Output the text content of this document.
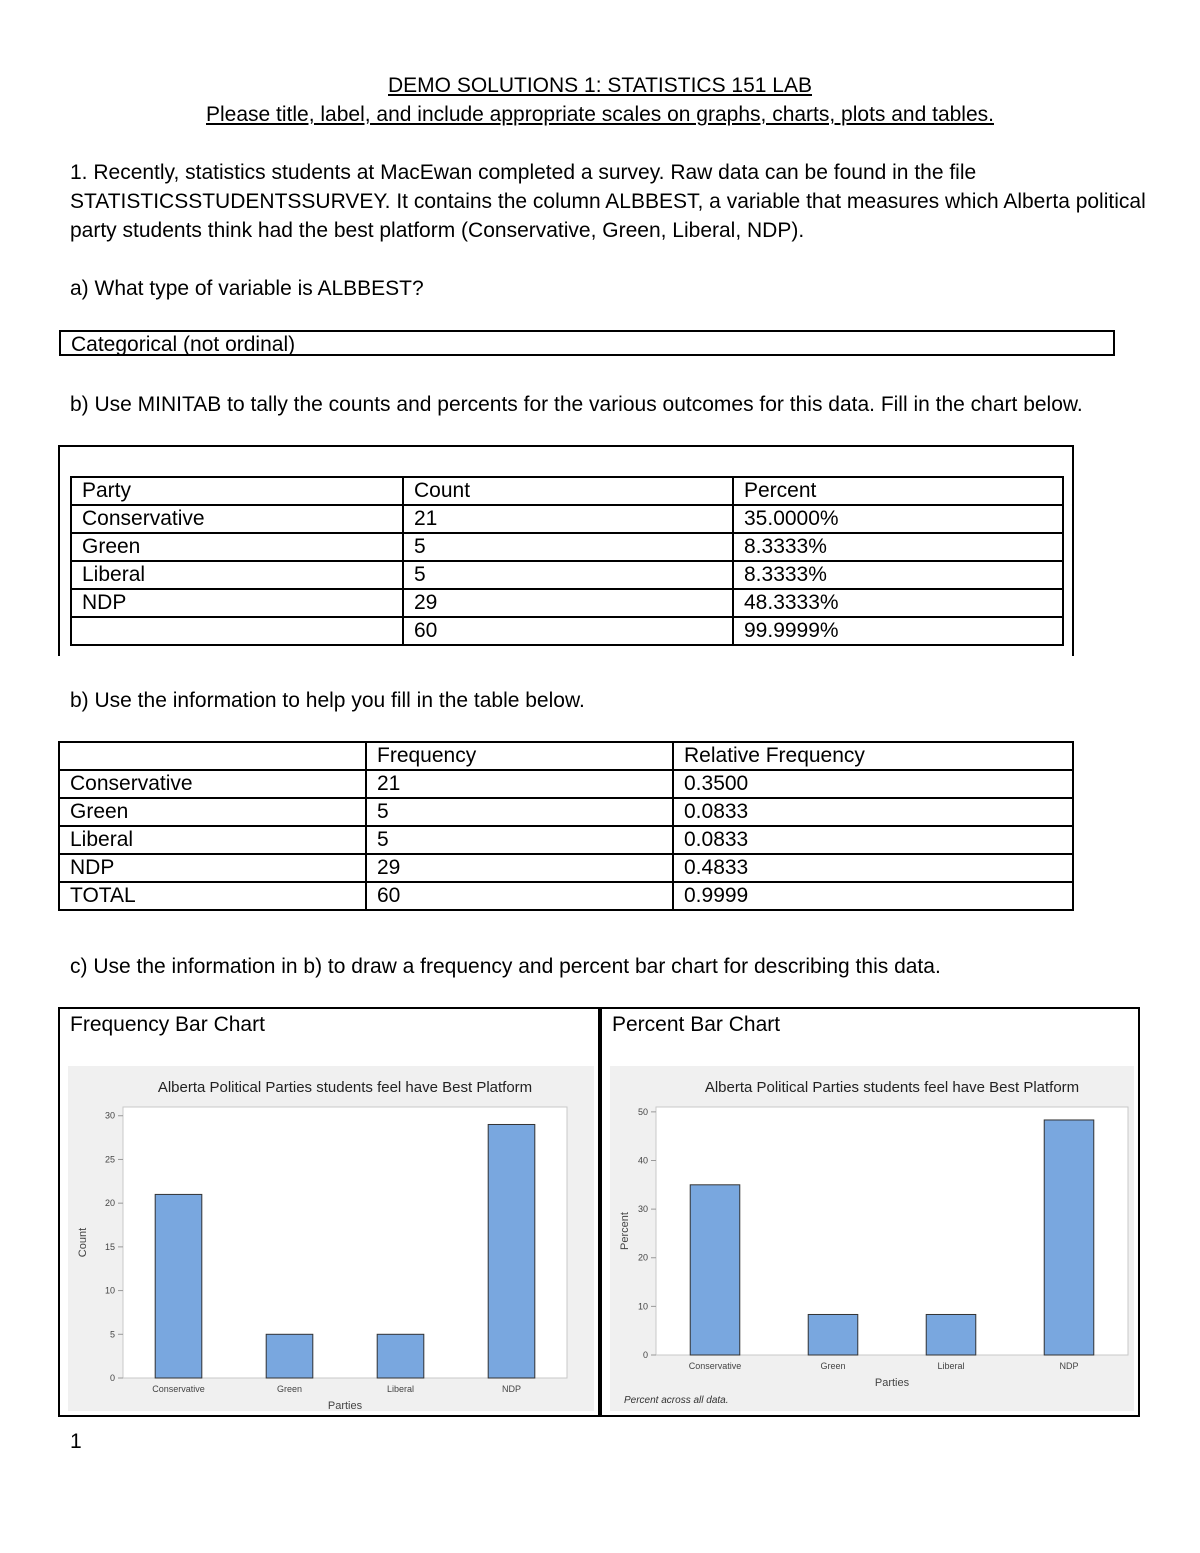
DEMO SOLUTIONS 1: STATISTICS 151 LAB
Please title, label, and include appropriate scales on graphs, charts, plots and tables.
1. Recently, statistics students at MacEwan completed a survey. Raw data can be found in the file
STATISTICSSTUDENTSSURVEY. It contains the column ALBBEST, a variable that measures which Alberta political
party students think had the best platform (Conservative, Green, Liberal, NDP).
a) What type of variable is ALBBEST?
Categorical (not ordinal)
b) Use MINITAB to tally the counts and percents for the various outcomes for this data. Fill in the chart below.
Party	Count	Percent
Conservative	21	35.0000%
Green	5	8.3333%
Liberal	5	8.3333%
NDP	29	48.3333%
	60	99.9999%
b) Use the information to help you fill in the table below.
	Frequency	Relative Frequency
Conservative	21	0.3500
Green	5	0.0833
Liberal	5	0.0833
NDP	29	0.4833
TOTAL	60	0.9999
c) Use the information in b) to draw a frequency and percent bar chart for describing this data.
Frequency Bar Chart
Alberta Political Parties students feel have Best Platform
0
5
10
15
20
25
30
Conservative	Green	Liberal	NDP
Parties
Count
Percent Bar Chart
Alberta Political Parties students feel have Best Platform
0
10
20
30
40
50
Conservative	Green	Liberal	NDP
Parties
Percent
Percent across all data.
1
